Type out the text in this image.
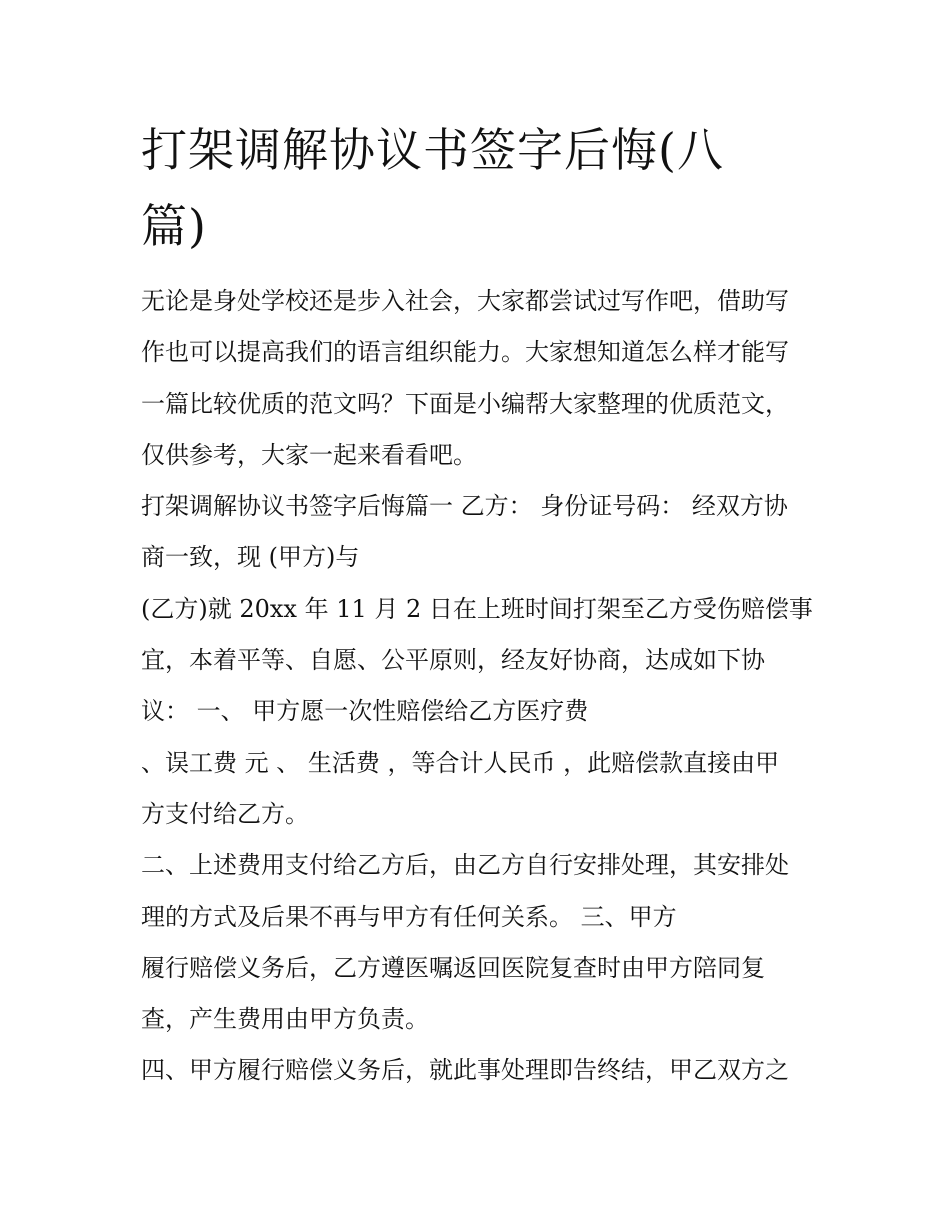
打架调解协议书签字后悔(八
篇)
无论是身处学校还是步入社会，大家都尝试过写作吧，借助写
作也可以提高我们的语言组织能力。大家想知道怎么样才能写
一篇比较优质的范文吗？下面是小编帮大家整理的优质范文，
仅供参考，大家一起来看看吧。
打架调解协议书签字后悔篇一 乙方： 身份证号码： 经双方协
商一致，现 (甲方)与
(乙方)就 20xx 年 11 月 2 日在上班时间打架至乙方受伤赔偿事
宜，本着平等、自愿、公平原则，经友好协商，达成如下协
议： 一、 甲方愿一次性赔偿给乙方医疗费
、误工费 元 、 生活费 ，等合计人民币 ，此赔偿款直接由甲
方支付给乙方。
二、上述费用支付给乙方后，由乙方自行安排处理，其安排处
理的方式及后果不再与甲方有任何关系。 三、甲方
履行赔偿义务后，乙方遵医嘱返回医院复查时由甲方陪同复
查，产生费用由甲方负责。
四、甲方履行赔偿义务后，就此事处理即告终结，甲乙双方之
